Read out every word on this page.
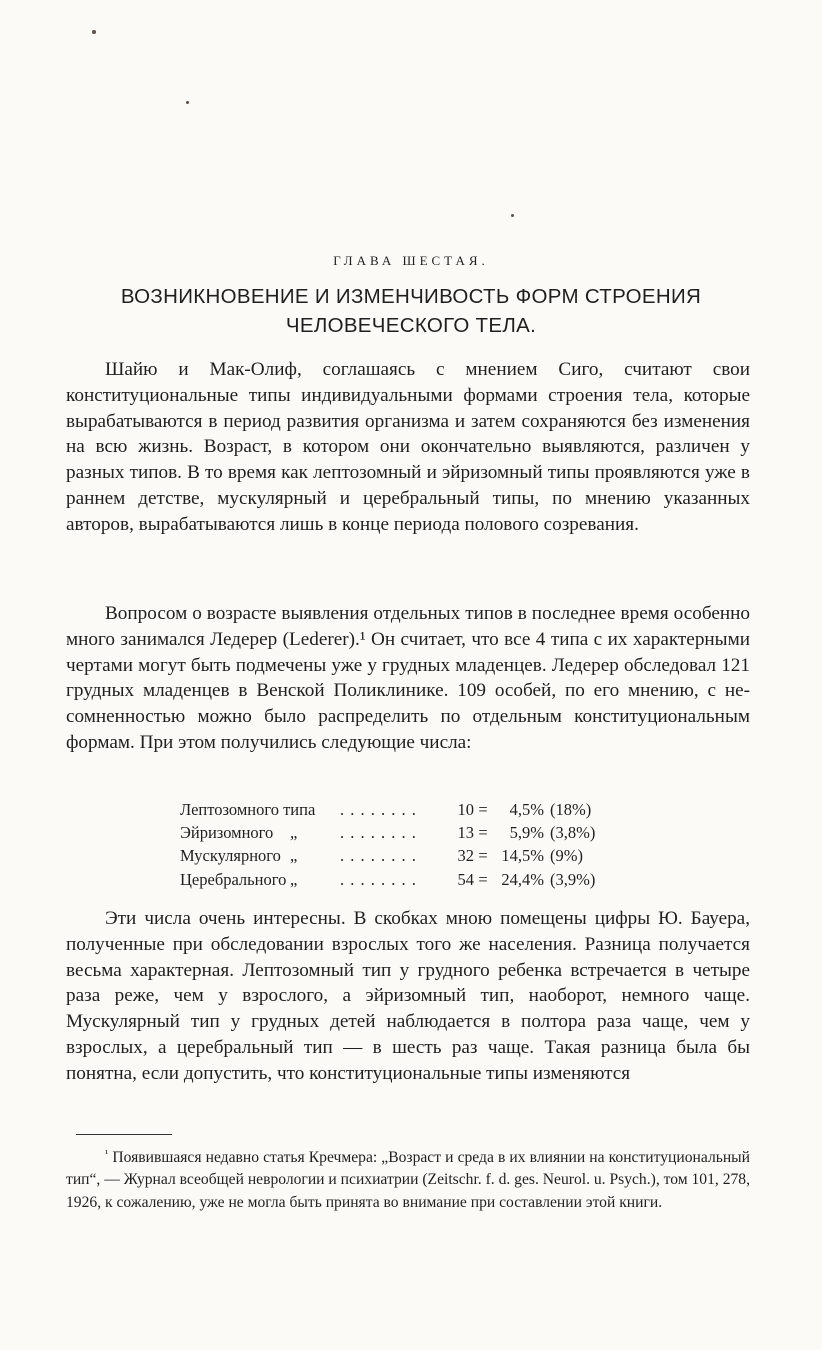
ГЛАВА ШЕСТАЯ.
ВОЗНИКНОВЕНИЕ И ИЗМЕНЧИВОСТЬ ФОРМ СТРОЕНИЯ
ЧЕЛОВЕЧЕСКОГО ТЕЛА.

Шайю и Мак-Олиф, соглашаясь с мнением Сиго, считают свои конституциональные типы индивидуальными формами строения тела, которые вырабатываются в период развития организма и затем сохраняются без изменения на всю жизнь. Возраст, в котором они окончательно выявляются, различен у разных типов. В то время как лептозомный и эйризомный типы проявляются уже в раннем детстве, мускулярный и церебральный типы, по мнению указанных авторов, вырабатываются лишь в конце периода полового созревания.

Вопросом о возрасте выявления отдельных типов в последнее время особенно много занимался Ледерер (Lederer).¹ Он считает, что все 4 типа с их характерными чертами могут быть подмечены уже у грудных младенцев. Ледерер обследовал 121 грудных младенцев в Венской Поликлинике. 109 особей, по его мнению, с несомненностью можно было распределить по отдельным конституциональным формам. При этом получились следующие числа:

Лептозомного типа . . . . . . . . 10 = 4,5% (18%)
Эйризомного „	. . . . . . . . 13 = 5,9% (3,8%)
Мускулярного „	. . . . . . . . 32 = 14,5% (9%)
Церебрального „	. . . . . . . . 54 = 24,4% (3,9%)

Эти числа очень интересны. В скобках мною помещены цифры Ю. Бауера, полученные при обследовании взрослых того же населения. Разница получается весьма характерная. Лептозомный тип у грудного ребенка встречается в четыре раза реже, чем у взрослого, а эйризомный тип, наоборот, немного чаще. Мускулярный тип у грудных детей наблюдается в полтора раза чаще, чем у взрослых, а церебральный тип — в шесть раз чаще. Такая разница была бы понятна, если допустить, что конституциональные типы изменяются

$^{^1}$ Появившаяся недавно статья Кречмера: „Возраст и среда в их влиянии на конституциональный тип“, — Журнал всеобщей неврологии и психиатрии (Zeitschr. f. d. ges. Neurol. u. Psych.), том 101, 278, 1926, к сожалению, уже не могла быть принята во внимание при составлении этой книги.
